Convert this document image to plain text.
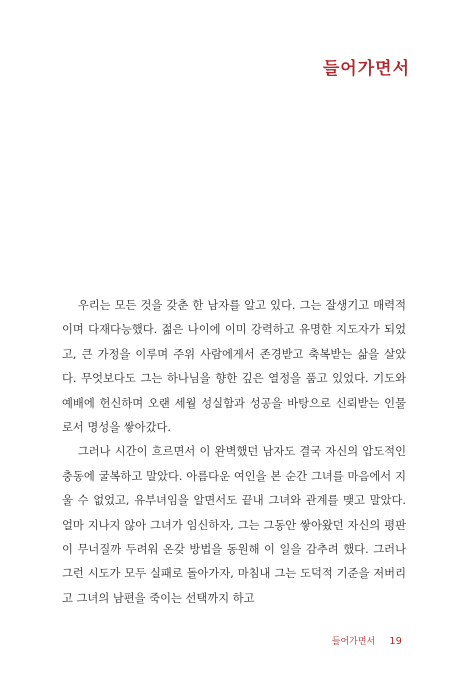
들어가면서

우리는 모든 것을 갖춘 한 남자를 알고 있다. 그는 잘생기고 매력적이며 다재다능했다. 젊은 나이에 이미 강력하고 유명한 지도자가 되었고, 큰 가정을 이루며 주위 사람에게서 존경받고 축복받는 삶을 살았다. 무엇보다도 그는 하나님을 향한 깊은 열정을 품고 있었다. 기도와 예배에 헌신하며 오랜 세월 성실함과 성공을 바탕으로 신뢰받는 인물로서 명성을 쌓아갔다.

그러나 시간이 흐르면서 이 완벽했던 남자도 결국 자신의 압도적인 충동에 굴복하고 말았다. 아름다운 여인을 본 순간 그녀를 마음에서 지울 수 없었고, 유부녀임을 알면서도 끝내 그녀와 관계를 맺고 말았다. 얼마 지나지 않아 그녀가 임신하자, 그는 그동안 쌓아왔던 자신의 평판이 무너질까 두려워 온갖 방법을 동원해 이 일을 감추려 했다. 그러나 그런 시도가 모두 실패로 돌아가자, 마침내 그는 도덕적 기준을 저버리고 그녀의 남편을 죽이는 선택까지 하고

들어가면서 19
